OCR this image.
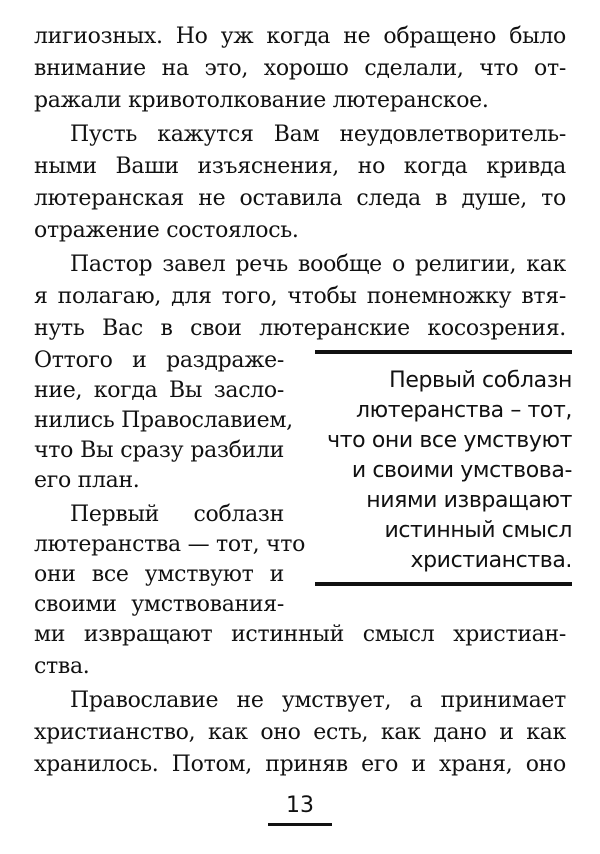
лигиозных. Но уж когда не обращено было
внимание на это, хорошо сделали, что от-
ражали кривотолкование лютеранское.
Пусть кажутся Вам неудовлетворитель-
ными Ваши изъяснения, но когда кривда
лютеранская не оставила следа в душе, то
отражение состоялось.
Пастор завел речь вообще о религии, как
я полагаю, для того, чтобы понемножку втя-
нуть Вас в свои лютеранские косозрения.
Оттого и раздраже-
ние, когда Вы засло-
нились Православием,
что Вы сразу разбили
его план.
Первый соблазн
лютеранства — тот, что
они все умствуют и
своими умствования-
ми извращают истинный смысл христиан-
Первый соблазн
лютеранства – тот,
что они все умствуют
и своими умствова-
ниями извращают
истинный смысл
христианства.
13
ства.
Православие не умствует, а принимает
христианство, как оно есть, как дано и как
хранилось. Потом, приняв его и храня, оно
